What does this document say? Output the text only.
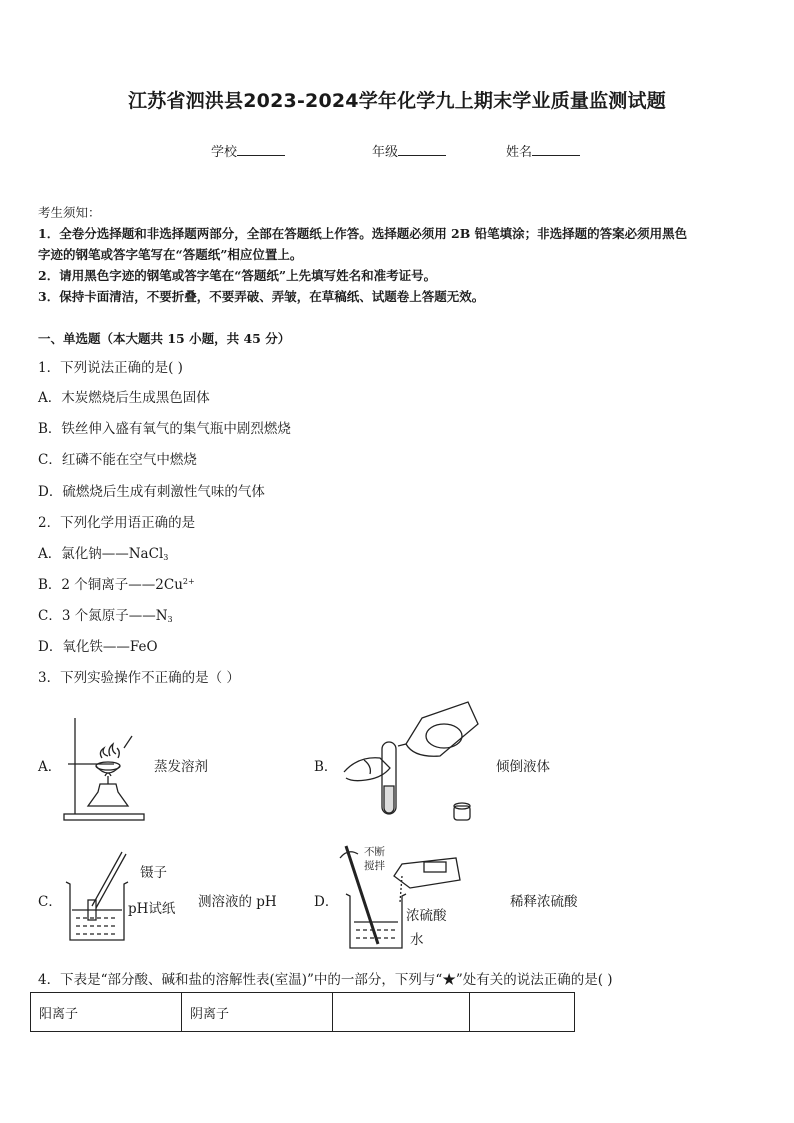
江苏省泗洪县2023-2024学年化学九上期末学业质量监测试题
学校	年级	姓名
考生须知：
1．全卷分选择题和非选择题两部分，全部在答题纸上作答。选择题必须用 2B 铅笔填涂；非选择题的答案必须用黑色
字迹的钢笔或答字笔写在“答题纸”相应位置上。
2．请用黑色字迹的钢笔或答字笔在“答题纸”上先填写姓名和准考证号。
3．保持卡面清洁，不要折叠，不要弄破、弄皱，在草稿纸、试题卷上答题无效。
一、单选题（本大题共 15 小题，共 45 分）
1．下列说法正确的是( )
A．木炭燃烧后生成黑色固体
B．铁丝伸入盛有氧气的集气瓶中剧烈燃烧
C．红磷不能在空气中燃烧
D．硫燃烧后生成有刺激性气味的气体
2．下列化学用语正确的是
A．氯化钠——NaCl$_3$
B．2 个铜离子$——2Cu^{2+}$
C．3 个氮原子$——N_3$
D．氧化铁——FeO
3．下列实验操作不正确的是（ ）
A．	蒸发溶剂	B．	倾倒液体
C．
镊子
pH试纸 测溶液的 pH	D．
不断
搅拌
浓硫酸
水
稀释浓硫酸
4．下表是“部分酸、碱和盐的溶解性表(室温)”中的一部分，下列与“★”处有关的说法正确的是( )
阳离子	阴离子		
